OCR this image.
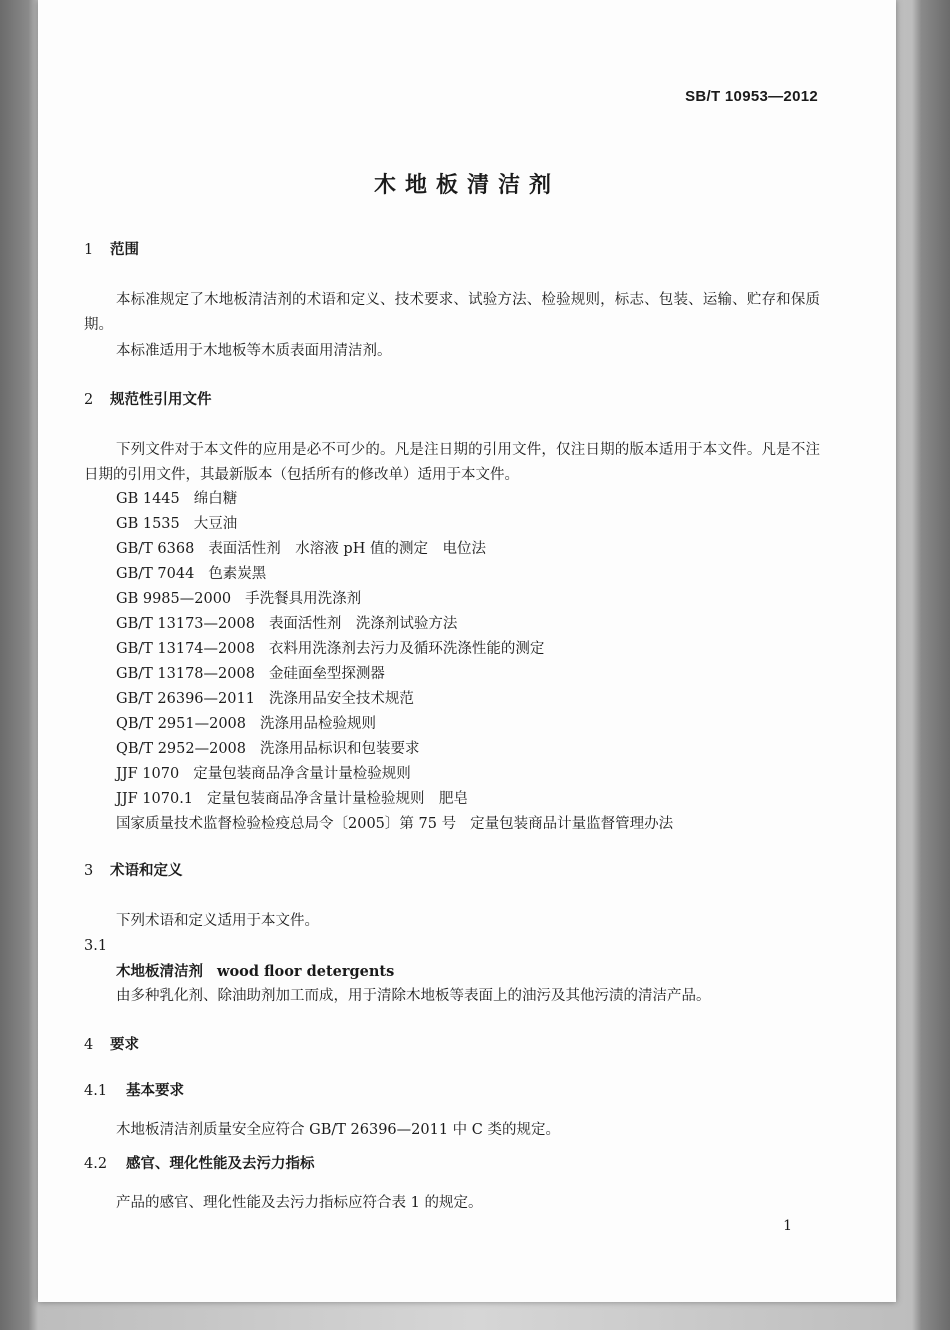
SB/T 10953—2012
木地板清洁剂
1 范围
本标准规定了木地板清洁剂的术语和定义、技术要求、试验方法、检验规则，标志、包装、运输、贮存和保质期。
本标准适用于木地板等木质表面用清洁剂。
2 规范性引用文件
下列文件对于本文件的应用是必不可少的。凡是注日期的引用文件，仅注日期的版本适用于本文件。凡是不注日期的引用文件，其最新版本（包括所有的修改单）适用于本文件。
GB 1445 绵白糖
GB 1535 大豆油
GB/T 6368 表面活性剂　水溶液 pH 值的测定　电位法
GB/T 7044 色素炭黑
GB 9985—2000 手洗餐具用洗涤剂
GB/T 13173—2008 表面活性剂　洗涤剂试验方法
GB/T 13174—2008 衣料用洗涤剂去污力及循环洗涤性能的测定
GB/T 13178—2008 金硅面垒型探测器
GB/T 26396—2011 洗涤用品安全技术规范
QB/T 2951—2008 洗涤用品检验规则
QB/T 2952—2008 洗涤用品标识和包装要求
JJF 1070 定量包装商品净含量计量检验规则
JJF 1070.1 定量包装商品净含量计量检验规则　肥皂
国家质量技术监督检验检疫总局令〔2005〕第 75 号 定量包装商品计量监督管理办法
3 术语和定义
下列术语和定义适用于本文件。
3.1
木地板清洁剂 wood floor detergents
由多种乳化剂、除油助剂加工而成，用于清除木地板等表面上的油污及其他污渍的清洁产品。
4 要求
4.1 基本要求
木地板清洁剂质量安全应符合 GB/T 26396—2011 中 C 类的规定。
4.2 感官、理化性能及去污力指标
产品的感官、理化性能及去污力指标应符合表 1 的规定。
1
